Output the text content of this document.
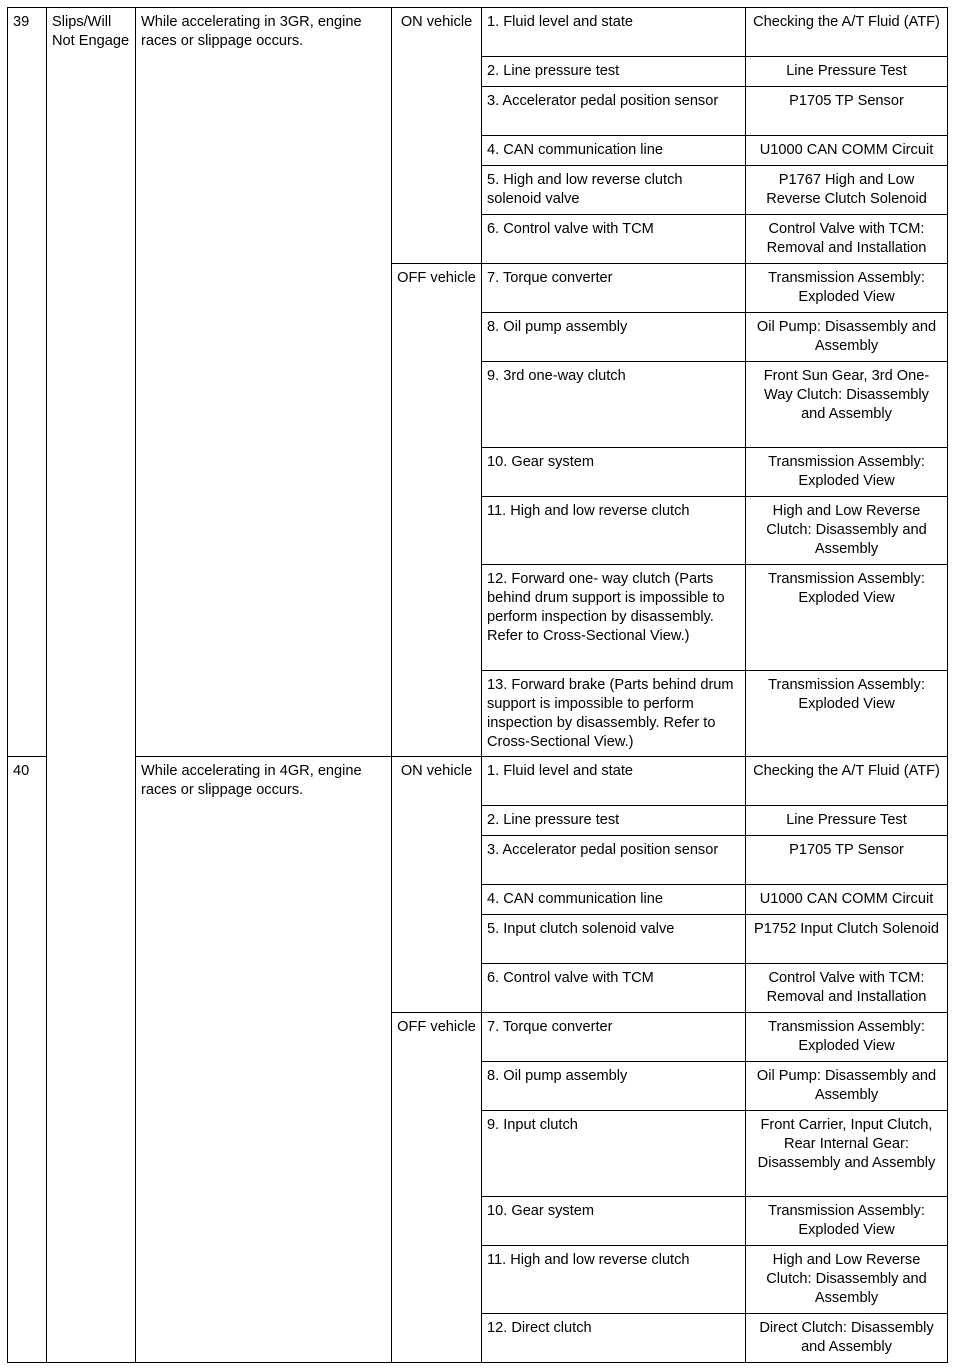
39	Slips/Will Not Engage	While accelerating in 3GR, engine races or slippage occurs.	ON vehicle	1. Fluid level and state	Checking the A/T Fluid (ATF)
				2. Line pressure test	Line Pressure Test
				3. Accelerator pedal position sensor	P1705 TP Sensor
				4. CAN communication line	U1000 CAN COMM Circuit
				5. High and low reverse clutch solenoid valve	P1767 High and Low Reverse Clutch Solenoid
				6. Control valve with TCM	Control Valve with TCM: Removal and Installation
			OFF vehicle	7. Torque converter	Transmission Assembly: Exploded View
				8. Oil pump assembly	Oil Pump: Disassembly and Assembly
				9. 3rd one-way clutch	Front Sun Gear, 3rd One-Way Clutch: Disassembly and Assembly
				10. Gear system	Transmission Assembly: Exploded View
				11. High and low reverse clutch	High and Low Reverse Clutch: Disassembly and Assembly
				12. Forward one- way clutch (Parts behind drum support is impossible to perform inspection by disassembly. Refer to Cross-Sectional View.)	Transmission Assembly: Exploded View
				13. Forward brake (Parts behind drum support is impossible to perform inspection by disassembly. Refer to Cross-Sectional View.)	Transmission Assembly: Exploded View
40		While accelerating in 4GR, engine races or slippage occurs.	ON vehicle	1. Fluid level and state	Checking the A/T Fluid (ATF)
				2. Line pressure test	Line Pressure Test
				3. Accelerator pedal position sensor	P1705 TP Sensor
				4. CAN communication line	U1000 CAN COMM Circuit
				5. Input clutch solenoid valve	P1752 Input Clutch Solenoid
				6. Control valve with TCM	Control Valve with TCM: Removal and Installation
			OFF vehicle	7. Torque converter	Transmission Assembly: Exploded View
				8. Oil pump assembly	Oil Pump: Disassembly and Assembly
				9. Input clutch	Front Carrier, Input Clutch, Rear Internal Gear: Disassembly and Assembly
				10. Gear system	Transmission Assembly: Exploded View
				11. High and low reverse clutch	High and Low Reverse Clutch: Disassembly and Assembly
				12. Direct clutch	Direct Clutch: Disassembly and Assembly
